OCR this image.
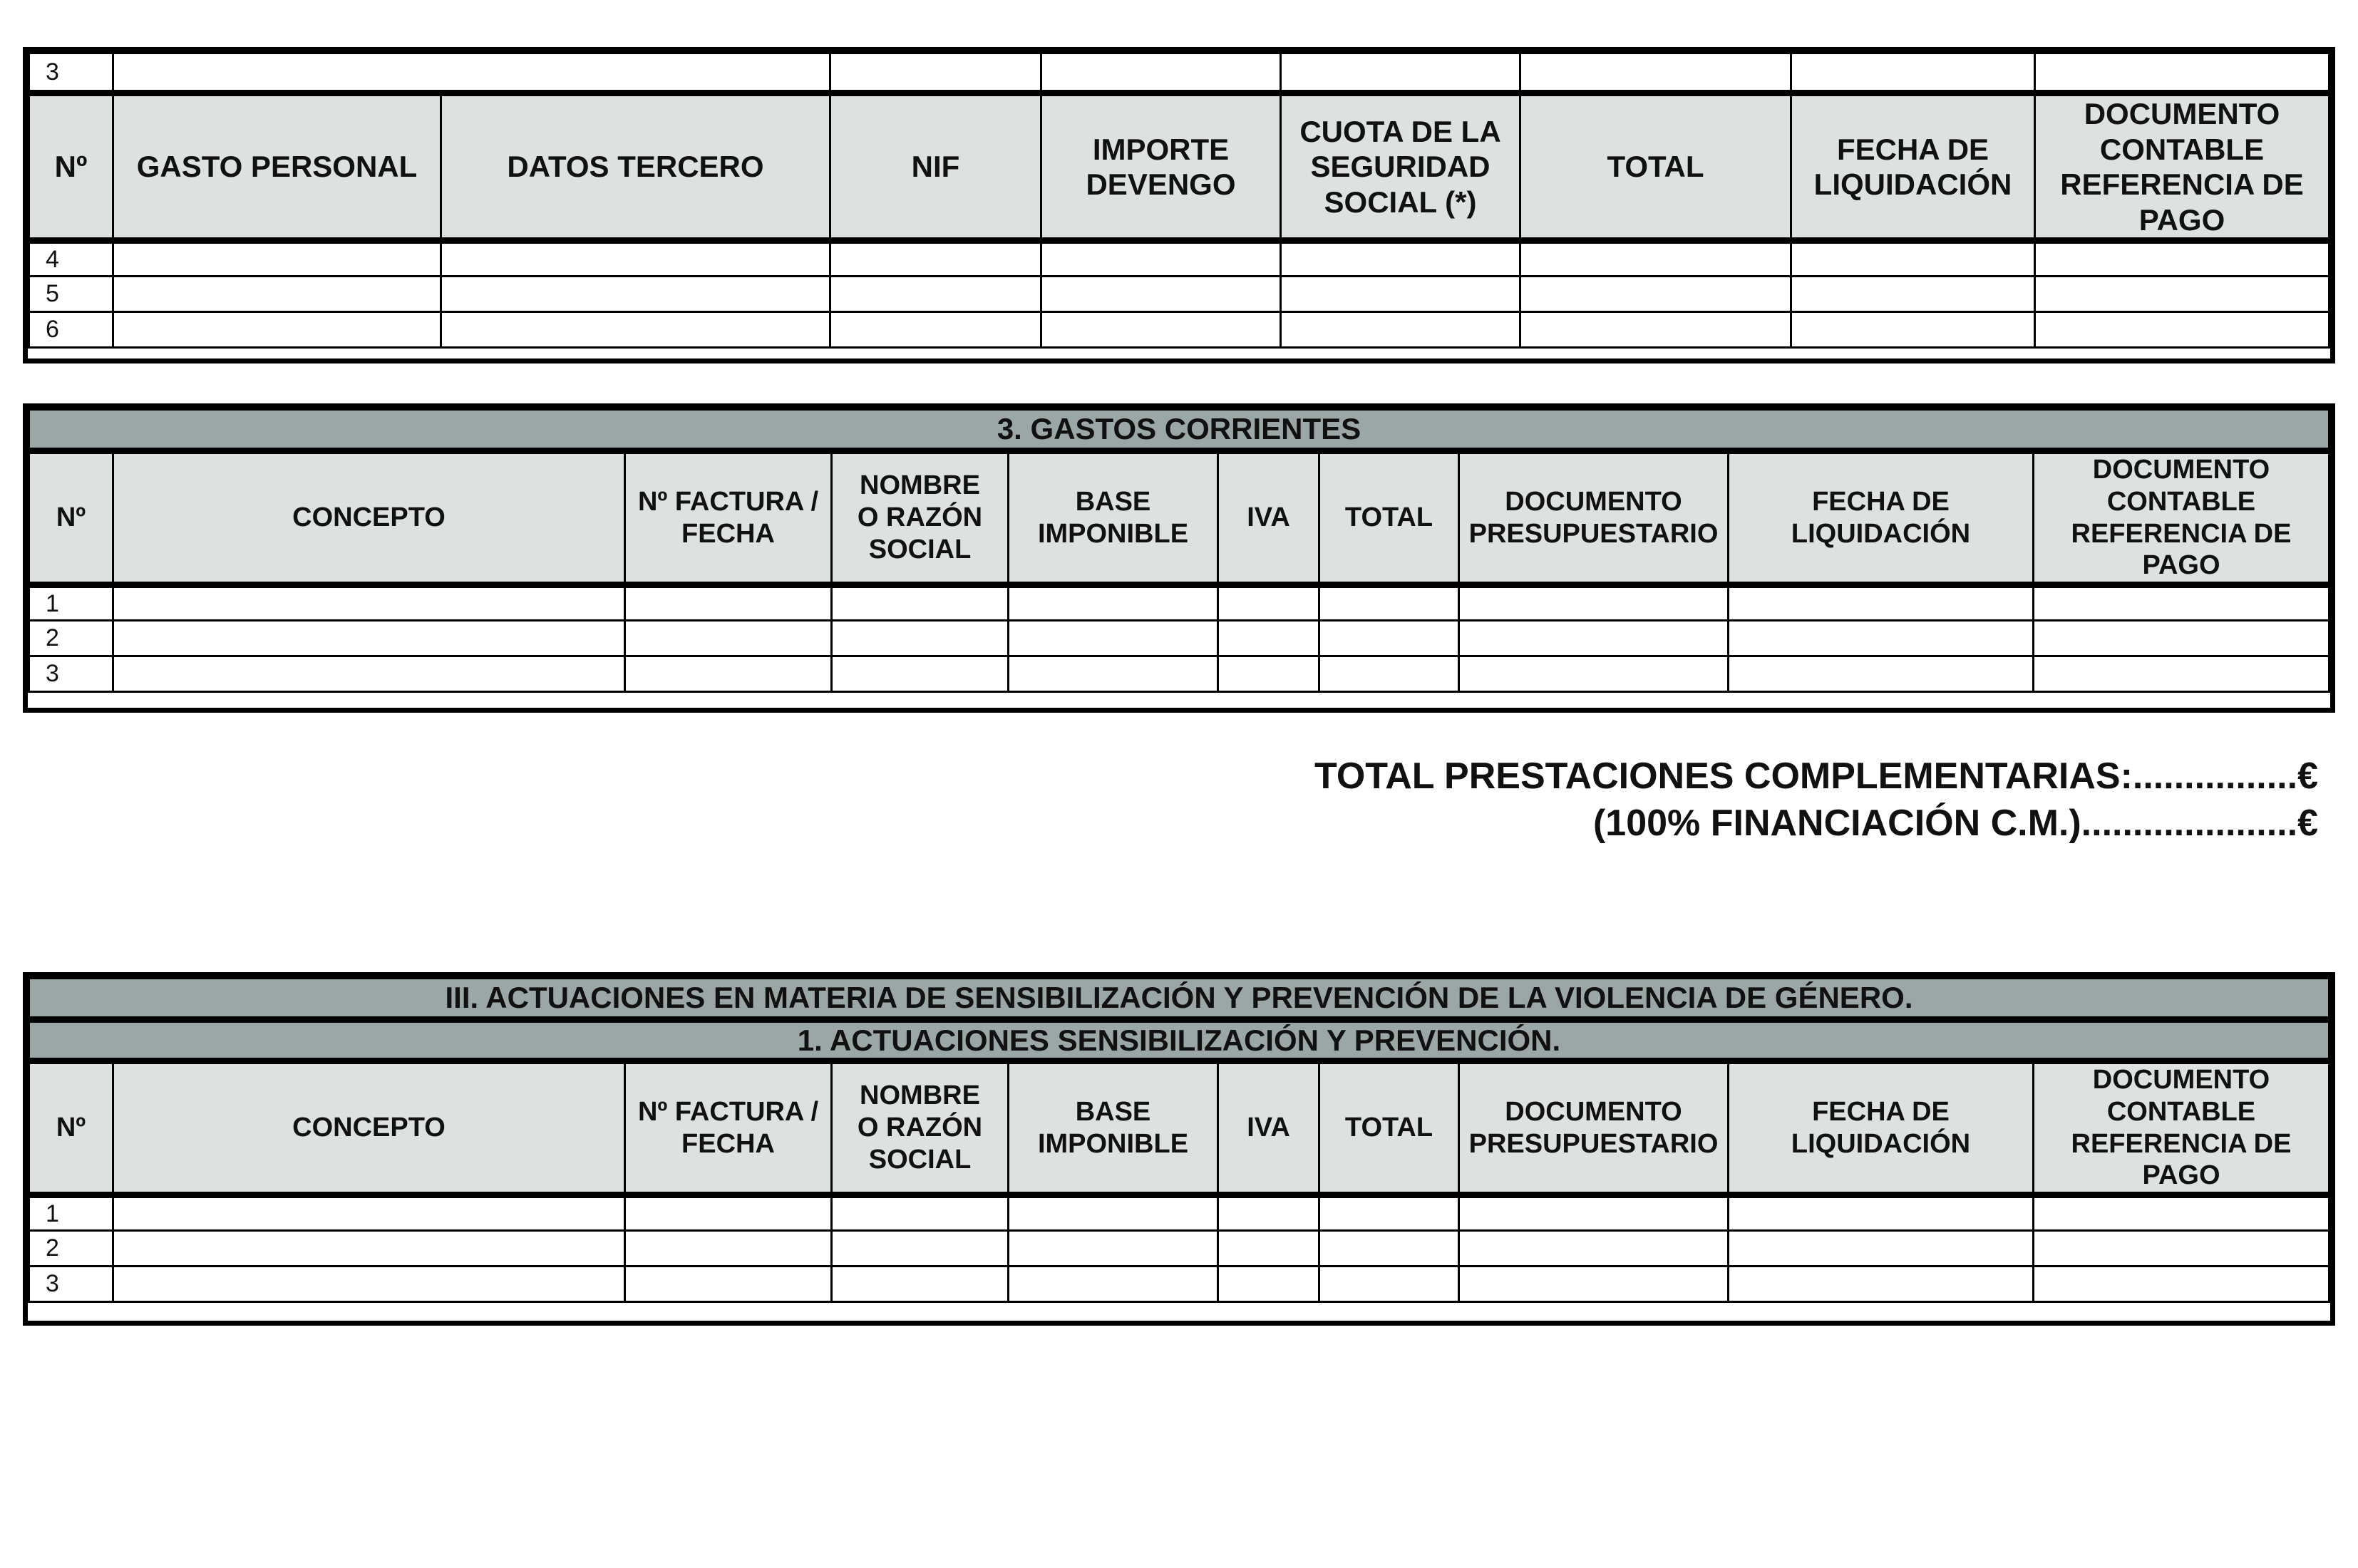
3								
Nº	GASTO PERSONAL	DATOS TERCERO	NIF	IMPORTE DEVENGO	CUOTA DE LA SEGURIDAD SOCIAL (*)	TOTAL	FECHA DE LIQUIDACIÓN	DOCUMENTO CONTABLE REFERENCIA DE PAGO
4								
5								
6								
3. GASTOS CORRIENTES									
Nº	CONCEPTO	Nº FACTURA / FECHA	NOMBRE O RAZÓN SOCIAL	BASE IMPONIBLE	IVA	TOTAL	DOCUMENTO PRESUPUESTARIO	FECHA DE LIQUIDACIÓN	DOCUMENTO CONTABLE REFERENCIA DE PAGO
1									
2									
3									
TOTAL PRESTACIONES COMPLEMENTARIAS:................€
(100% FINANCIACIÓN C.M.).....................€
III. ACTUACIONES EN MATERIA DE SENSIBILIZACIÓN Y PREVENCIÓN DE LA VIOLENCIA DE GÉNERO.									
1. ACTUACIONES SENSIBILIZACIÓN Y PREVENCIÓN.									
Nº	CONCEPTO	Nº FACTURA / FECHA	NOMBRE O RAZÓN SOCIAL	BASE IMPONIBLE	IVA	TOTAL	DOCUMENTO PRESUPUESTARIO	FECHA DE LIQUIDACIÓN	DOCUMENTO CONTABLE REFERENCIA DE PAGO
1									
2									
3									
